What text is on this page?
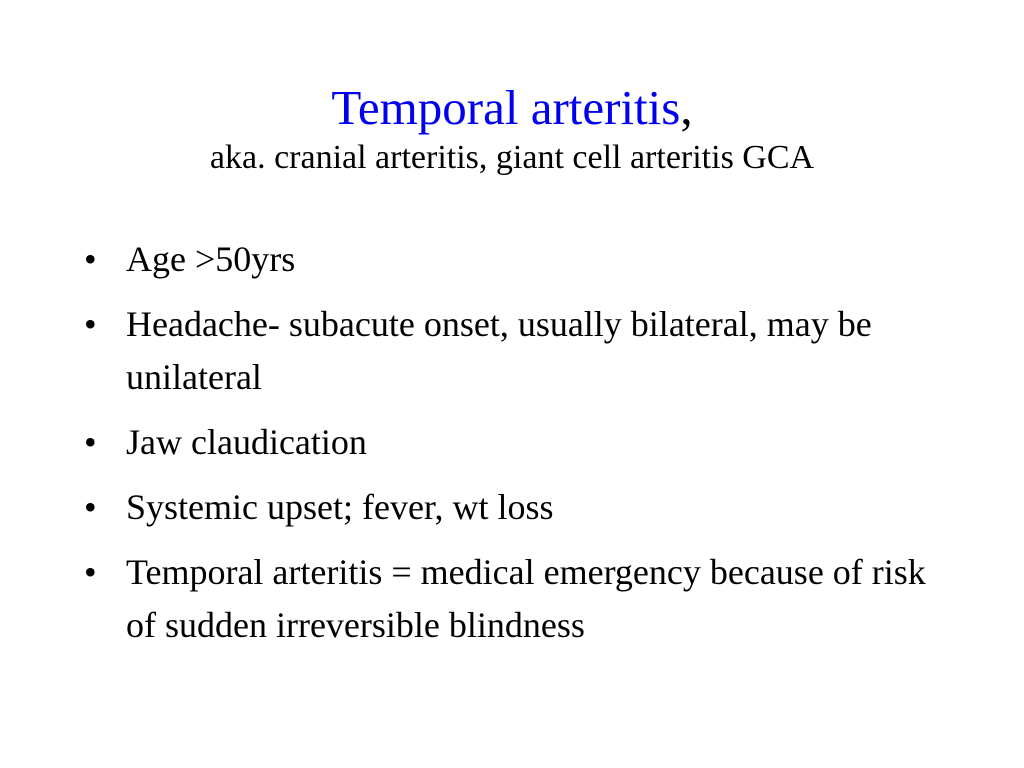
Temporal arteritis,
aka. cranial arteritis, giant cell arteritis GCA
• Age >50yrs
• Headache- subacute onset, usually bilateral, may be unilateral
• Jaw claudication
• Systemic upset; fever, wt loss
• Temporal arteritis = medical emergency because of risk of sudden irreversible blindness
